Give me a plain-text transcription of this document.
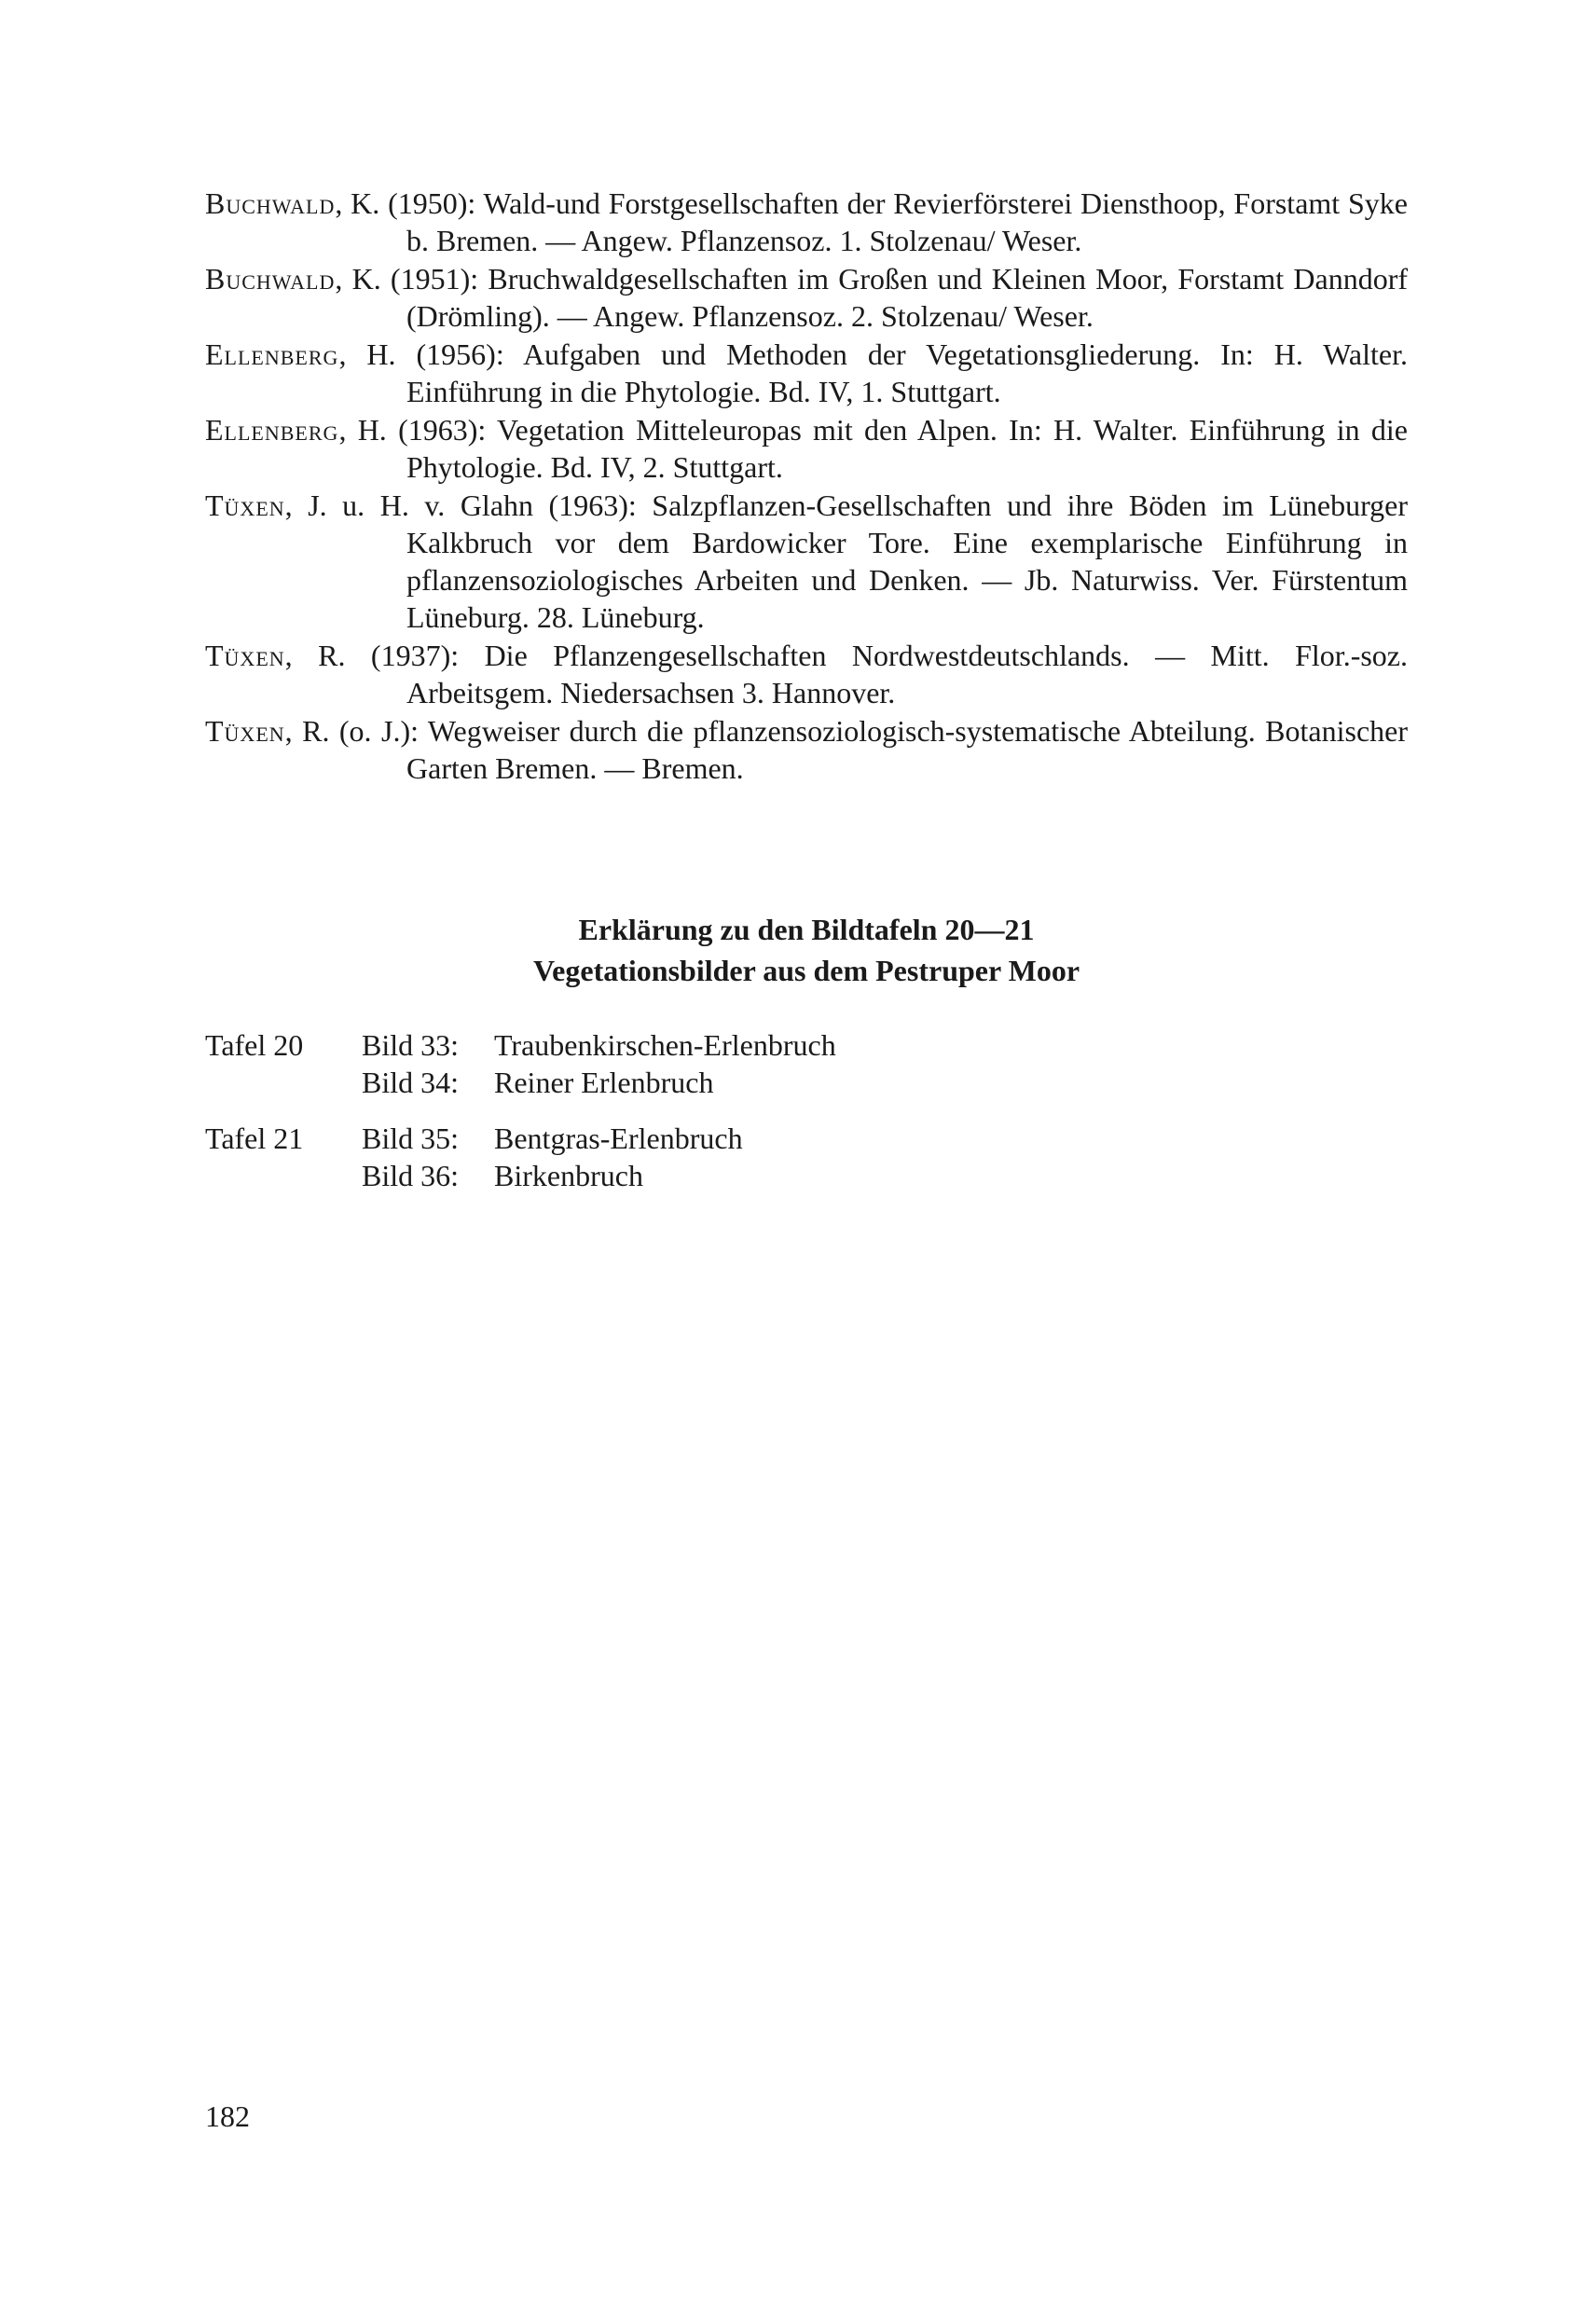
Buchwald, K. (1950): Wald-und Forstgesellschaften der Revierförsterei Diensthoop, Forstamt Syke b. Bremen. — Angew. Pflanzensoz. 1. Stolzenau/ Weser.

Buchwald, K. (1951): Bruchwaldgesellschaften im Großen und Kleinen Moor, Forstamt Danndorf (Drömling). — Angew. Pflanzensoz. 2. Stolzenau/ Weser.

Ellenberg, H. (1956): Aufgaben und Methoden der Vegetationsgliederung. In: H. Walter. Einführung in die Phytologie. Bd. IV, 1. Stuttgart.

Ellenberg, H. (1963): Vegetation Mitteleuropas mit den Alpen. In: H. Walter. Einführung in die Phytologie. Bd. IV, 2. Stuttgart.

Tüxen, J. u. H. v. Glahn (1963): Salzpflanzen-Gesellschaften und ihre Böden im Lüneburger Kalkbruch vor dem Bardowicker Tore. Eine exemplarische Einführung in pflanzensoziologisches Arbeiten und Denken. — Jb. Naturwiss. Ver. Fürstentum Lüneburg. 28. Lüneburg.

Tüxen, R. (1937): Die Pflanzengesellschaften Nordwestdeutschlands. — Mitt. Flor.-soz. Arbeitsgem. Niedersachsen 3. Hannover.

Tüxen, R. (o. J.): Wegweiser durch die pflanzensoziologisch-systematische Abteilung. Botanischer Garten Bremen. — Bremen.

Erklärung zu den Bildtafeln 20—21

Vegetationsbilder aus dem Pestruper Moor

Tafel 20	Bild 33:	Traubenkirschen-Erlenbruch
Bild 34:	Reiner Erlenbruch
Tafel 21	Bild 35:	Bentgras-Erlenbruch
Bild 36:	Birkenbruch
182
